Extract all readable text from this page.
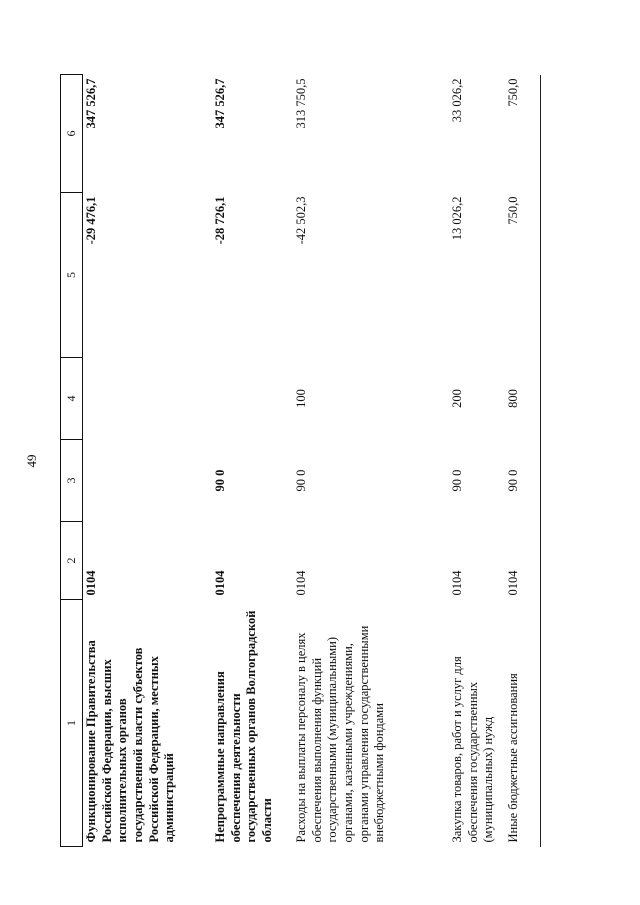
49
1	2	3	4	5	6
Функционирование Правительства Российской Федерации, высших исполнительных органов государственной власти субъектов Российской Федерации, местных администраций	0104			-29 476,1	347 526,7
Непрограммные направления обеспечения деятельности государственных органов Волгоградской области	0104	90 0		-28 726,1	347 526,7
Расходы на выплаты персоналу в целях обеспечения выполнения функций государственными (муниципальными) органами, казенными учреждениями, органами управления государственными внебюджетными фондами	0104	90 0	100	-42 502,3	313 750,5
Закупка товаров, работ и услуг для обеспечения государственных (муниципальных) нужд	0104	90 0	200	13 026,2	33 026,2
Иные бюджетные ассигнования	0104	90 0	800	750,0	750,0
